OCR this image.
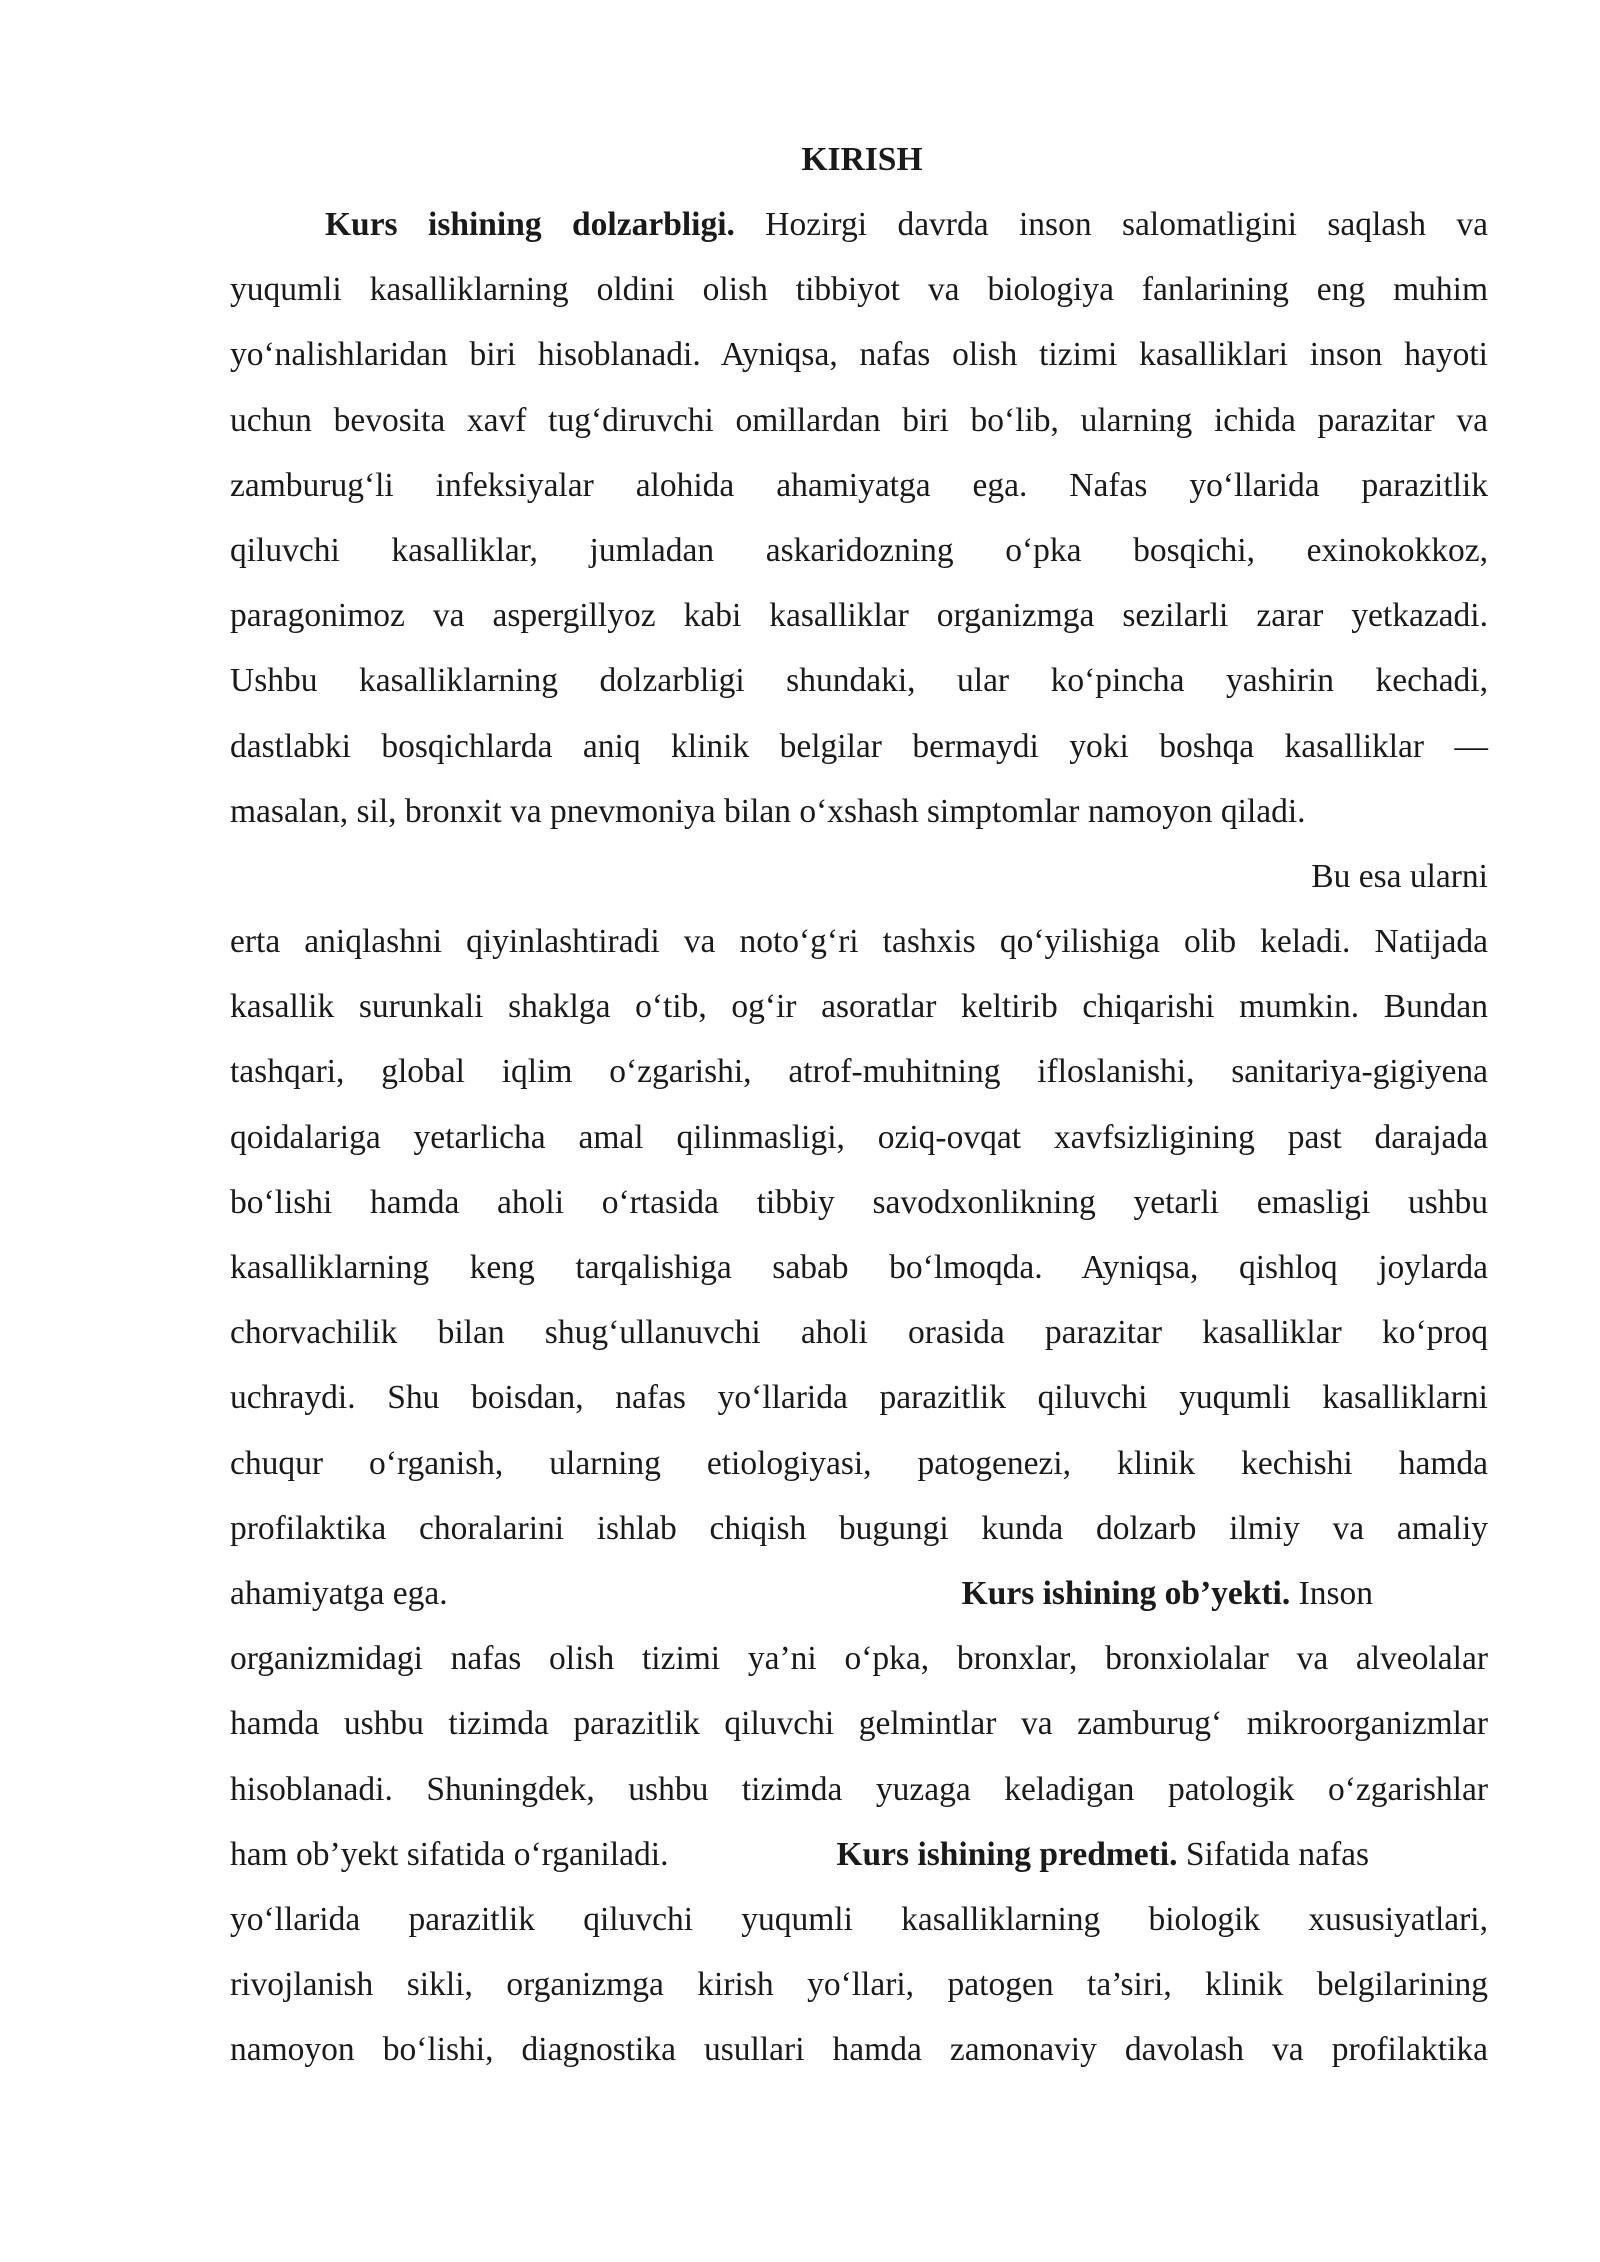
KIRISH
Kurs ishining dolzarbligi. Hozirgi davrda inson salomatligini saqlash va
yuqumli kasalliklarning oldini olish tibbiyot va biologiya fanlarining eng muhim
yo‘nalishlaridan biri hisoblanadi. Ayniqsa, nafas olish tizimi kasalliklari inson hayoti
uchun bevosita xavf tug‘diruvchi omillardan biri bo‘lib, ularning ichida parazitar va
zamburug‘li infeksiyalar alohida ahamiyatga ega. Nafas yo‘llarida parazitlik
qiluvchi kasalliklar, jumladan askaridozning o‘pka bosqichi, exinokokkoz,
paragonimoz va aspergillyoz kabi kasalliklar organizmga sezilarli zarar yetkazadi.
Ushbu kasalliklarning dolzarbligi shundaki, ular ko‘pincha yashirin kechadi,
dastlabki bosqichlarda aniq klinik belgilar bermaydi yoki boshqa kasalliklar —
masalan, sil, bronxit va pnevmoniya bilan o‘xshash simptomlar namoyon qiladi.
Bu esa ularni
erta aniqlashni qiyinlashtiradi va noto‘g‘ri tashxis qo‘yilishiga olib keladi. Natijada
kasallik surunkali shaklga o‘tib, og‘ir asoratlar keltirib chiqarishi mumkin. Bundan
tashqari, global iqlim o‘zgarishi, atrof-muhitning ifloslanishi, sanitariya-gigiyena
qoidalariga yetarlicha amal qilinmasligi, oziq-ovqat xavfsizligining past darajada
bo‘lishi hamda aholi o‘rtasida tibbiy savodxonlikning yetarli emasligi ushbu
kasalliklarning keng tarqalishiga sabab bo‘lmoqda. Ayniqsa, qishloq joylarda
chorvachilik bilan shug‘ullanuvchi aholi orasida parazitar kasalliklar ko‘proq
uchraydi. Shu boisdan, nafas yo‘llarida parazitlik qiluvchi yuqumli kasalliklarni
chuqur o‘rganish, ularning etiologiyasi, patogenezi, klinik kechishi hamda
profilaktika choralarini ishlab chiqish bugungi kunda dolzarb ilmiy va amaliy
ahamiyatga ega.	Kurs ishining ob’yekti. Inson
organizmidagi nafas olish tizimi ya’ni o‘pka, bronxlar, bronxiolalar va alveolalar
hamda ushbu tizimda parazitlik qiluvchi gelmintlar va zamburug‘ mikroorganizmlar
hisoblanadi. Shuningdek, ushbu tizimda yuzaga keladigan patologik o‘zgarishlar
ham ob’yekt sifatida o‘rganiladi.	Kurs ishining predmeti. Sifatida nafas
yo‘llarida parazitlik qiluvchi yuqumli kasalliklarning biologik xususiyatlari,
rivojlanish sikli, organizmga kirish yo‘llari, patogen ta’siri, klinik belgilarining
namoyon bo‘lishi, diagnostika usullari hamda zamonaviy davolash va profilaktika
